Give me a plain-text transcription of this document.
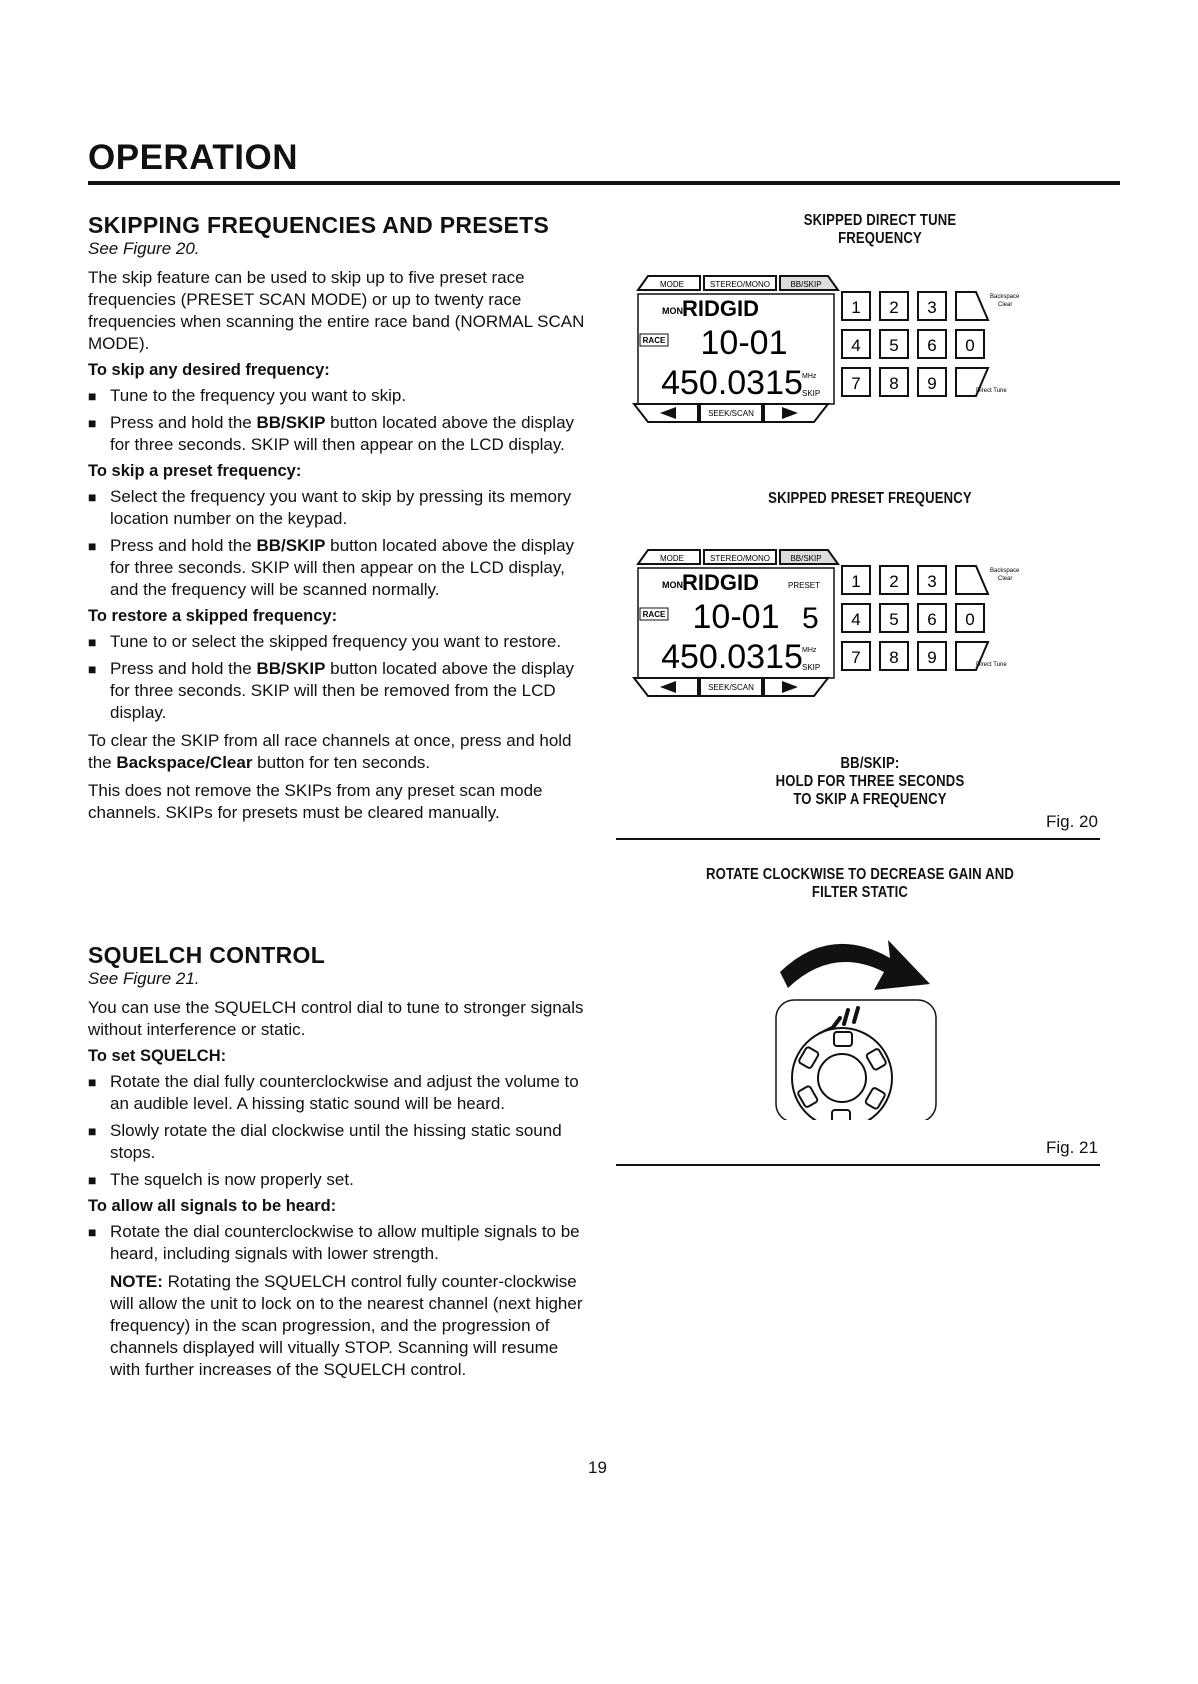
OPERATION
SKIPPING FREQUENCIES AND PRESETS
See Figure 20.
The skip feature can be used to skip up to five preset race frequencies (PRESET SCAN MODE) or up to twenty race frequencies when scanning the entire race band (NORMAL SCAN MODE).
To skip any desired frequency:
■ Tune to the frequency you want to skip.
■ Press and hold the BB/SKIP button located above the display for three seconds. SKIP will then appear on the LCD display.
To skip a preset frequency:
■ Select the frequency you want to skip by pressing its memory location number on the keypad.
■ Press and hold the BB/SKIP button located above the display for three seconds. SKIP will then appear on the LCD display, and the frequency will be scanned normally.
To restore a skipped frequency:
■ Tune to or select the skipped frequency you want to restore.
■ Press and hold the BB/SKIP button located above the display for three seconds. SKIP will then be removed from the LCD display.
To clear the SKIP from all race channels at once, press and hold the Backspace/Clear button for ten seconds.
This does not remove the SKIPs from any preset scan mode channels. SKIPs for presets must be cleared manually.
SQUELCH CONTROL
See Figure 21.
You can use the SQUELCH control dial to tune to stronger signals without interference or static.
To set SQUELCH:
■ Rotate the dial fully counterclockwise and adjust the volume to an audible level. A hissing static sound will be heard.
■ Slowly rotate the dial clockwise until the hissing static sound stops.
■ The squelch is now properly set.
To allow all signals to be heard:
■ Rotate the dial counterclockwise to allow multiple signals to be heard, including signals with lower strength.
NOTE: Rotating the SQUELCH control fully counter-clockwise will allow the unit to lock on to the nearest channel (next higher frequency) in the scan progression, and the progression of channels displayed will vitually STOP. Scanning will resume with further increases of the SQUELCH control.
19
SKIPPED DIRECT TUNE
FREQUENCY
MODE	STEREO/MONO	BB/SKIP
MON RIDGID
RACE 10-01
450.0315 MHz
SKIP
SEEK/SCAN
1 2 3
Backspace
Clear
4 5 6 0
7 8 9	Direct Tune
SKIPPED PRESET FREQUENCY
MODE	STEREO/MONO	BB/SKIP
MON RIDGID	PRESET
RACE 10-01 5
450.0315 MHz
SKIP
SEEK/SCAN
1 2 3
Backspace
Clear
4 5 6 0
7 8 9	Direct Tune
BB/SKIP:
HOLD FOR THREE SECONDS
TO SKIP A FREQUENCY
Fig. 20
ROTATE CLOCKWISE TO DECREASE GAIN AND
FILTER STATIC
Fig. 21
